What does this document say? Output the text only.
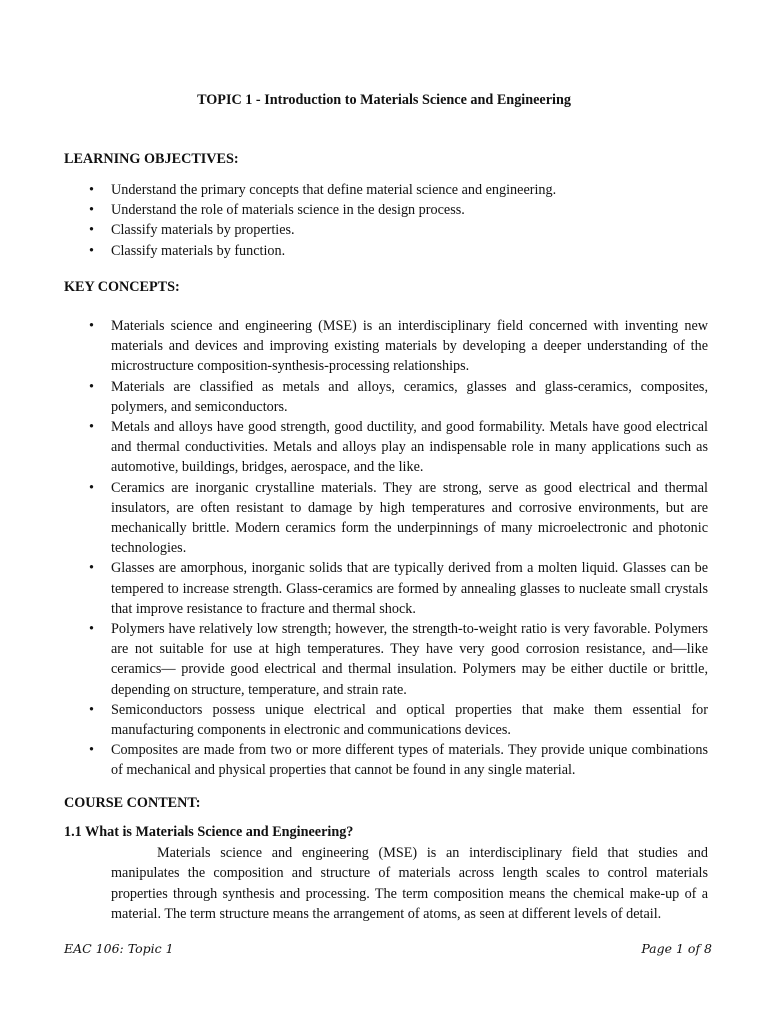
TOPIC 1 - Introduction to Materials Science and Engineering
LEARNING OBJECTIVES:
• Understand the primary concepts that define material science and engineering.
• Understand the role of materials science in the design process.
• Classify materials by properties.
• Classify materials by function.
KEY CONCEPTS:
• Materials science and engineering (MSE) is an interdisciplinary field concerned with inventing new materials and devices and improving existing materials by developing a deeper understanding of the microstructure composition-synthesis-processing relationships.
• Materials are classified as metals and alloys, ceramics, glasses and glass-ceramics, composites, polymers, and semiconductors.
• Metals and alloys have good strength, good ductility, and good formability. Metals have good electrical and thermal conductivities. Metals and alloys play an indispensable role in many applications such as automotive, buildings, bridges, aerospace, and the like.
• Ceramics are inorganic crystalline materials. They are strong, serve as good electrical and thermal insulators, are often resistant to damage by high temperatures and corrosive environments, but are mechanically brittle. Modern ceramics form the underpinnings of many microelectronic and photonic technologies.
• Glasses are amorphous, inorganic solids that are typically derived from a molten liquid. Glasses can be tempered to increase strength. Glass-ceramics are formed by annealing glasses to nucleate small crystals that improve resistance to fracture and thermal shock.
• Polymers have relatively low strength; however, the strength-to-weight ratio is very favorable. Polymers are not suitable for use at high temperatures. They have very good corrosion resistance, and—like ceramics— provide good electrical and thermal insulation. Polymers may be either ductile or brittle, depending on structure, temperature, and strain rate.
• Semiconductors possess unique electrical and optical properties that make them essential for manufacturing components in electronic and communications devices.
• Composites are made from two or more different types of materials. They provide unique combinations of mechanical and physical properties that cannot be found in any single material.
COURSE CONTENT:
1.1 What is Materials Science and Engineering?

Materials science and engineering (MSE) is an interdisciplinary field that studies and manipulates the composition and structure of materials across length scales to control materials properties through synthesis and processing. The term composition means the chemical make-up of a material. The term structure means the arrangement of atoms, as seen at different levels of detail.

EAC 106: Topic 1	Page 1 of 8
